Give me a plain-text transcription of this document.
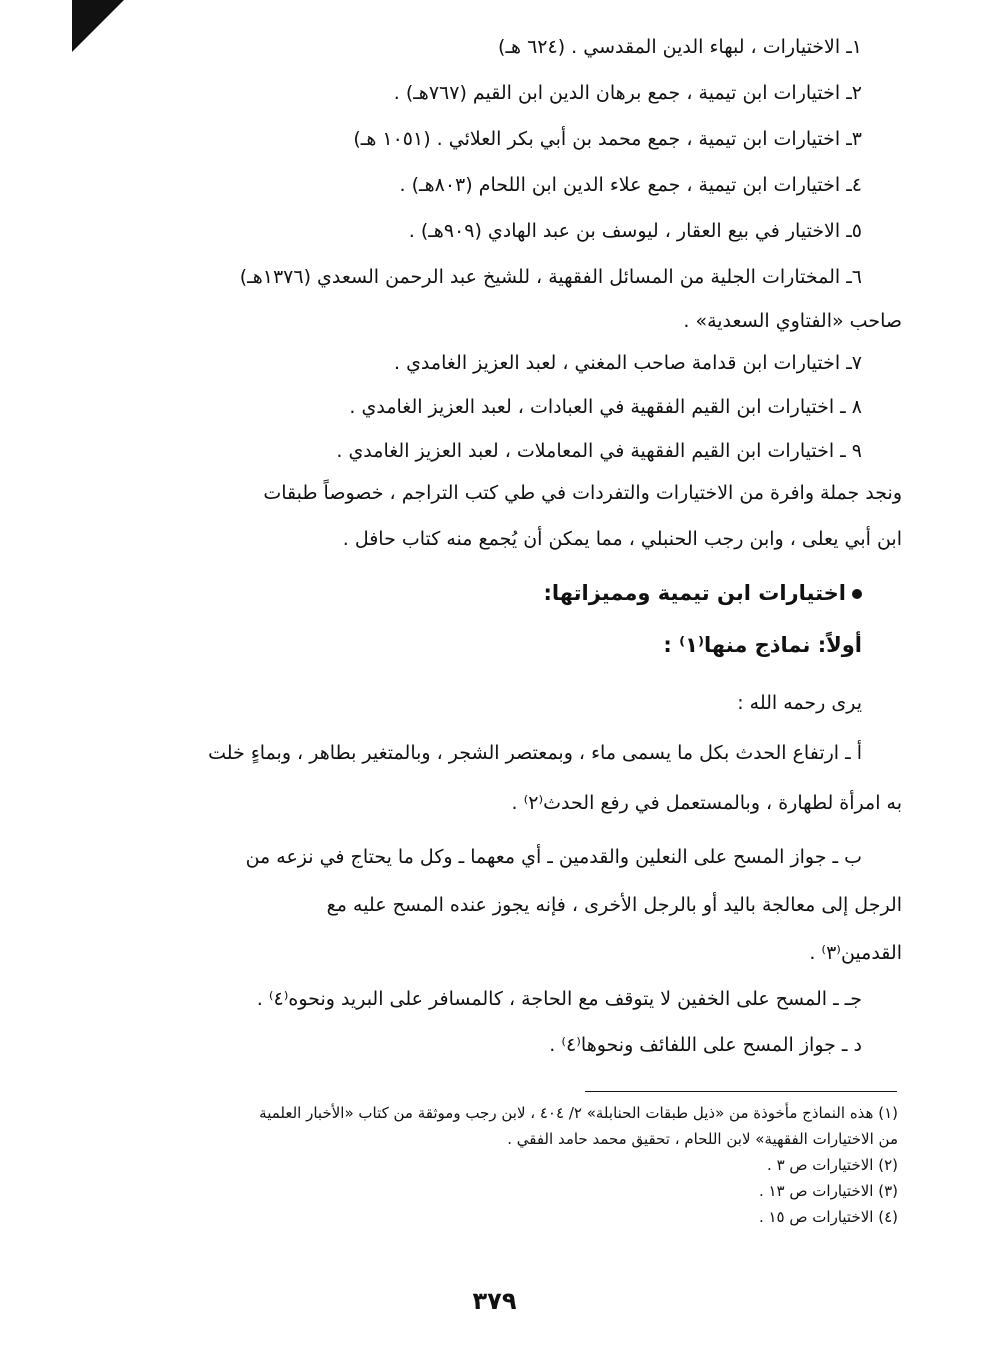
١ـ الاختيارات ، لبهاء الدين المقدسي . (٦٢٤ هـ)
٢ـ اختيارات ابن تيمية ، جمع برهان الدين ابن القيم (٧٦٧هـ) .
٣ـ اختيارات ابن تيمية ، جمع محمد بن أبي بكر العلائي . (١٠٥١ هـ)
٤ـ اختيارات ابن تيمية ، جمع علاء الدين ابن اللحام (٨٠٣هـ) .
٥ـ الاختيار في بيع العقار ، ليوسف بن عبد الهادي (٩٠٩هـ) .
٦ـ المختارات الجلية من المسائل الفقهية ، للشيخ عبد الرحمن السعدي (١٣٧٦هـ)
صاحب «الفتاوي السعدية» .
٧ـ اختيارات ابن قدامة صاحب المغني ، لعبد العزيز الغامدي .
٨ ـ اختيارات ابن القيم الفقهية في العبادات ، لعبد العزيز الغامدي .
٩ ـ اختيارات ابن القيم الفقهية في المعاملات ، لعبد العزيز الغامدي .
ونجد جملة وافرة من الاختيارات والتفردات في طي كتب التراجم ، خصوصاً طبقات
ابن أبي يعلى ، وابن رجب الحنبلي ، مما يمكن أن يُجمع منه كتاب حافل .
اختيارات ابن تيمية ومميزاتها:
أولاً: نماذج منها⁽١⁾ :
يرى رحمه الله :
أ ـ ارتفاع الحدث بكل ما يسمى ماء ، وبمعتصر الشجر ، وبالمتغير بطاهر ، وبماءٍ خلت
به امرأة لطهارة ، وبالمستعمل في رفع الحدث⁽٢⁾ .
ب ـ جواز المسح على النعلين والقدمين ـ أي معهما ـ وكل ما يحتاج في نزعه من
الرجل إلى معالجة باليد أو بالرجل الأخرى ، فإنه يجوز عنده المسح عليه مع
القدمين⁽٣⁾ .
جـ ـ المسح على الخفين لا يتوقف مع الحاجة ، كالمسافر على البريد ونحوه⁽٤⁾ .
د ـ جواز المسح على اللفائف ونحوها⁽٤⁾ .
(١) هذه النماذج مأخوذة من «ذيل طبقات الحنابلة» ٢/ ٤٠٤ ، لابن رجب وموثقة من كتاب «الأخبار العلمية
من الاختيارات الفقهية» لابن اللحام ، تحقيق محمد حامد الفقي .
(٢) الاختيارات ص ٣ .
(٣) الاختيارات ص ١٣ .
(٤) الاختيارات ص ١٥ .
٣٧٩
